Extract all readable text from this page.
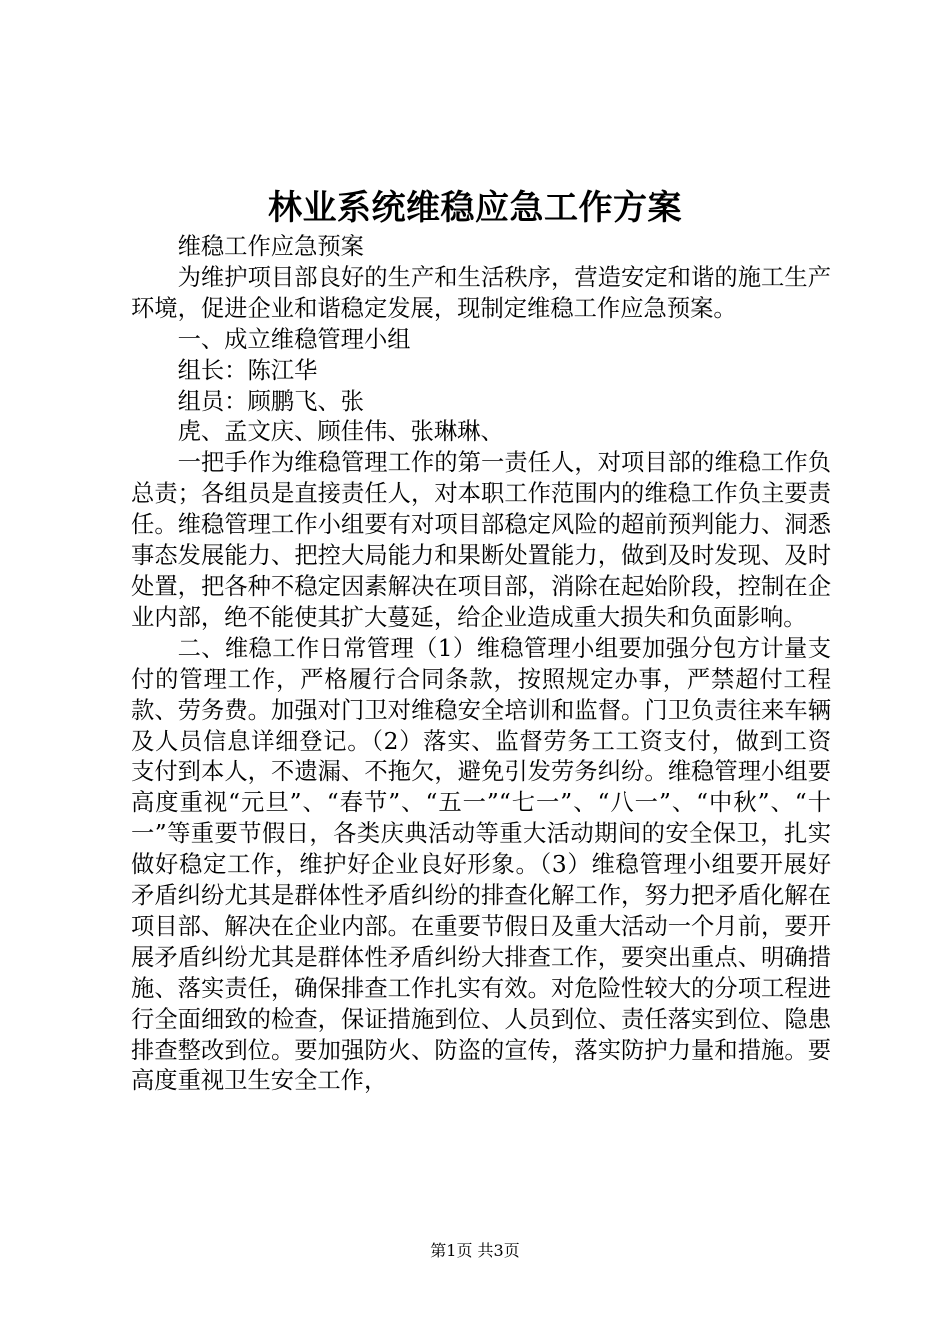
林业系统维稳应急工作方案

维稳工作应急预案

为维护项目部良好的生产和生活秩序，营造安定和谐的施工生产环境，促进企业和谐稳定发展，现制定维稳工作应急预案。

一、成立维稳管理小组

组长：陈江华

组员：顾鹏飞、张

虎、孟文庆、顾佳伟、张琳琳、

一把手作为维稳管理工作的第一责任人，对项目部的维稳工作负总责；各组员是直接责任人，对本职工作范围内的维稳工作负主要责任。维稳管理工作小组要有对项目部稳定风险的超前预判能力、洞悉事态发展能力、把控大局能力和果断处置能力，做到及时发现、及时处置，把各种不稳定因素解决在项目部，消除在起始阶段，控制在企业内部，绝不能使其扩大蔓延，给企业造成重大损失和负面影响。

二、维稳工作日常管理（1）维稳管理小组要加强分包方计量支付的管理工作，严格履行合同条款，按照规定办事，严禁超付工程款、劳务费。加强对门卫对维稳安全培训和监督。门卫负责往来车辆及人员信息详细登记。（2）落实、监督劳务工工资支付，做到工资支付到本人，不遗漏、不拖欠，避免引发劳务纠纷。维稳管理小组要高度重视“元旦”、“春节”、“五一”“七一”、“八一”、“中秋”、“十一”等重要节假日，各类庆典活动等重大活动期间的安全保卫，扎实做好稳定工作，维护好企业良好形象。（3）维稳管理小组要开展好矛盾纠纷尤其是群体性矛盾纠纷的排查化解工作，努力把矛盾化解在项目部、解决在企业内部。在重要节假日及重大活动一个月前，要开展矛盾纠纷尤其是群体性矛盾纠纷大排查工作，要突出重点、明确措施、落实责任，确保排查工作扎实有效。对危险性较大的分项工程进行全面细致的检查，保证措施到位、人员到位、责任落实到位、隐患排查整改到位。要加强防火、防盗的宣传，落实防护力量和措施。要高度重视卫生安全工作，

第1页 共3页
